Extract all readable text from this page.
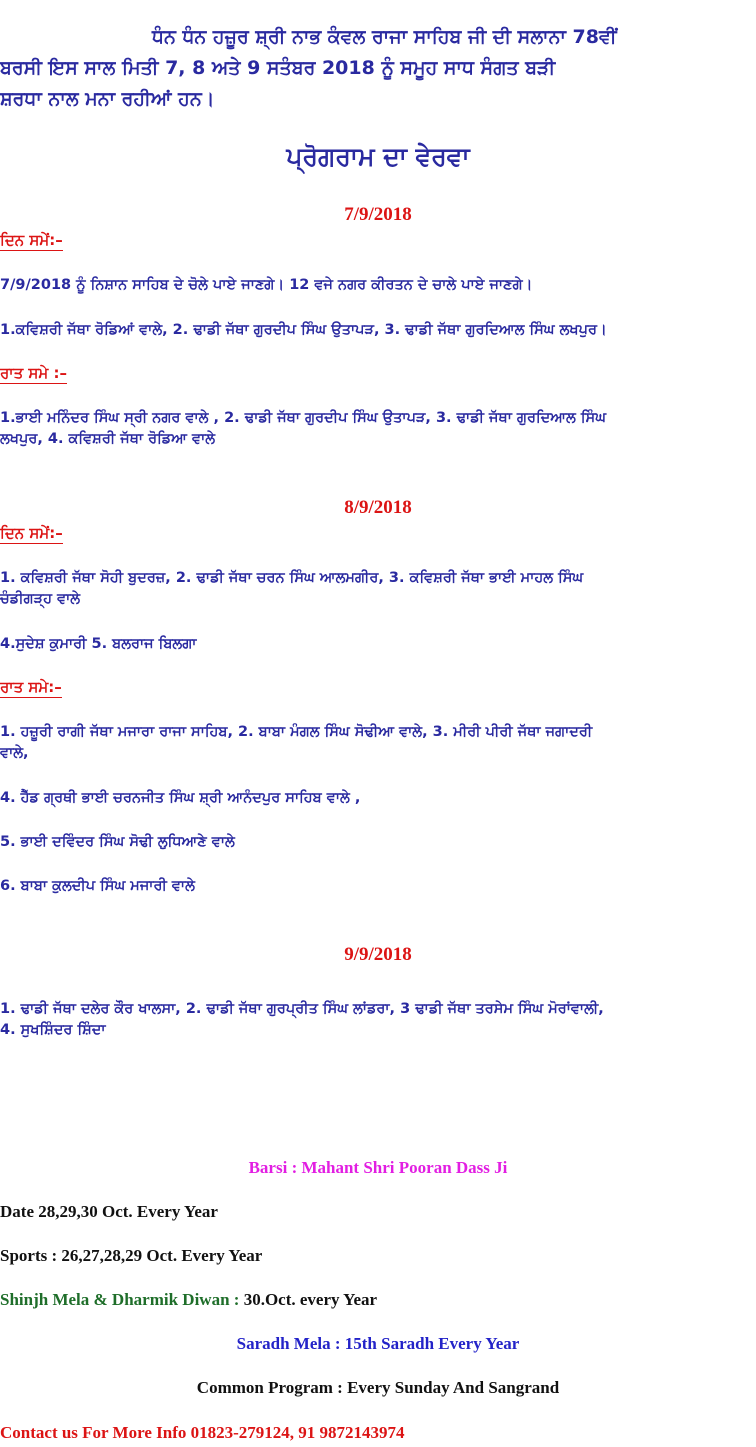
ਧੰਨ ਧੰਨ ਹਜ਼ੂਰ ਸ਼੍ਰੀ ਨਾਭ ਕੰਵਲ ਰਾਜਾ ਸਾਹਿਬ ਜੀ ਦੀ ਸਲਾਨਾ 78ਵੀਂ
ਬਰਸੀ ਇਸ ਸਾਲ ਮਿਤੀ 7, 8 ਅਤੇ 9 ਸਤੰਬਰ 2018 ਨੂੰ ਸਮੂਹ ਸਾਧ ਸੰਗਤ ਬੜੀ
ਸ਼ਰਧਾ ਨਾਲ ਮਨਾ ਰਹੀਆਂ ਹਨ।
ਪ੍ਰੋਗਰਾਮ ਦਾ ਵੇਰਵਾ
7/9/2018
ਦਿਨ ਸਮੇਂ:–
7/9/2018 ਨੂੰ ਨਿਸ਼ਾਨ ਸਾਹਿਬ ਦੇ ਚੋਲੇ ਪਾਏ ਜਾਣਗੇ। 12 ਵਜੇ ਨਗਰ ਕੀਰਤਨ ਦੇ ਚਾਲੇ ਪਾਏ ਜਾਣਗੇ।
1.ਕਵਿਸ਼ਰੀ ਜੱਥਾ ਰੋਡਿਆਂ ਵਾਲੇ, 2. ਢਾਡੀ ਜੱਥਾ ਗੁਰਦੀਪ ਸਿੰਘ ਉਤਾਪੜ, 3. ਢਾਡੀ ਜੱਥਾ ਗੁਰਦਿਆਲ ਸਿੰਘ ਲਖਪੁਰ।
ਰਾਤ ਸਮੇ :–
1.ਭਾਈ ਮਨਿੰਦਰ ਸਿੰਘ ਸ੍ਰੀ ਨਗਰ ਵਾਲੇ , 2. ਢਾਡੀ ਜੱਥਾ ਗੁਰਦੀਪ ਸਿੰਘ ਉਤਾਪੜ, 3. ਢਾਡੀ ਜੱਥਾ ਗੁਰਦਿਆਲ ਸਿੰਘ
ਲਖਪੁਰ, 4. ਕਵਿਸ਼ਰੀ ਜੱਥਾ ਰੋਡਿਆ ਵਾਲੇ
8/9/2018
ਦਿਨ ਸਮੇਂ:–
1. ਕਵਿਸ਼ਰੀ ਜੱਥਾ ਸੋਹੀ ਬੁਦਰਜ਼, 2. ਢਾਡੀ ਜੱਥਾ ਚਰਨ ਸਿੰਘ ਆਲਮਗੀਰ, 3. ਕਵਿਸ਼ਰੀ ਜੱਥਾ ਭਾਈ ਮਾਹਲ ਸਿੰਘ
ਚੰਡੀਗੜ੍ਹ ਵਾਲੇ
4.ਸੁਦੇਸ਼ ਕੁਮਾਰੀ 5. ਬਲਰਾਜ ਬਿਲਗਾ
ਰਾਤ ਸਮੇ:–
1. ਹਜ਼ੂਰੀ ਰਾਗੀ ਜੱਥਾ ਮਜਾਰਾ ਰਾਜਾ ਸਾਹਿਬ, 2. ਬਾਬਾ ਮੰਗਲ ਸਿੰਘ ਸੋਢੀਆ ਵਾਲੇ, 3. ਮੀਰੀ ਪੀਰੀ ਜੱਥਾ ਜਗਾਦਰੀ
ਵਾਲੇ,
4. ਹੈੱਡ ਗ੍ਰਥੀ ਭਾਈ ਚਰਨਜੀਤ ਸਿੰਘ ਸ਼੍ਰੀ ਆਨੰਦਪੁਰ ਸਾਹਿਬ ਵਾਲੇ ,
5. ਭਾਈ ਦਵਿੰਦਰ ਸਿੰਘ ਸੋਢੀ ਲੁਧਿਆਣੇ ਵਾਲੇ
6. ਬਾਬਾ ਕੁਲਦੀਪ ਸਿੰਘ ਮਜਾਰੀ ਵਾਲੇ
9/9/2018
1. ਢਾਡੀ ਜੱਥਾ ਦਲੇਰ ਕੌਰ ਖਾਲਸਾ, 2. ਢਾਡੀ ਜੱਥਾ ਗੁਰਪ੍ਰੀਤ ਸਿੰਘ ਲਾਂਡਰਾ, 3 ਢਾਡੀ ਜੱਥਾ ਤਰਸੇਮ ਸਿੰਘ ਮੋਰਾਂਵਾਲੀ,
4. ਸੁਖਸ਼ਿੰਦਰ ਸ਼ਿੰਦਾ
Barsi : Mahant Shri Pooran Dass Ji
Date 28,29,30 Oct. Every Year
Sports : 26,27,28,29 Oct. Every Year
Shinjh Mela & Dharmik Diwan : 30.Oct. every Year
Saradh Mela : 15th Saradh Every Year
Common Program : Every Sunday And Sangrand
Contact us For More Info 01823-279124, 91 9872143974
